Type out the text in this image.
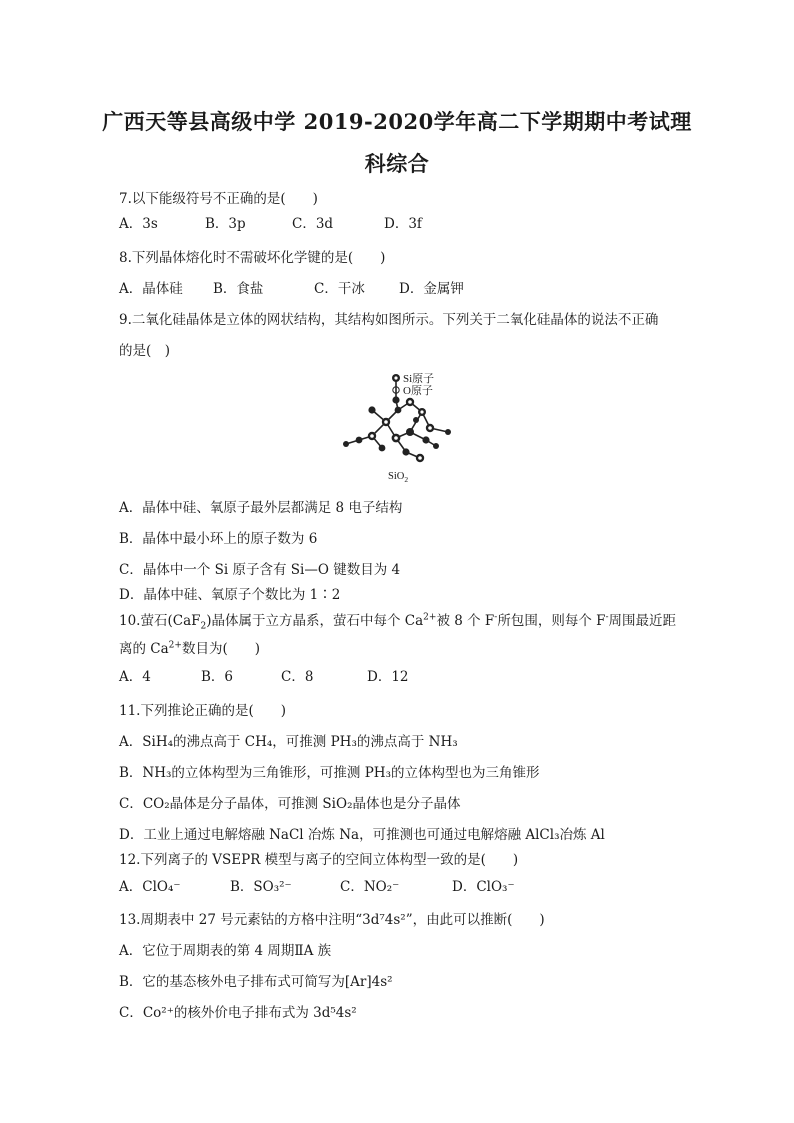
广西天等县高级中学 2019-2020学年高二下学期期中考试理
科综合
7.以下能级符号不正确的是(　　)
A．3s	B．3p	C．3d	D．3f
8.下列晶体熔化时不需破坏化学键的是(　　)
A．晶体硅 B．食盐	C．干冰	D．金属钾
9.二氧化硅晶体是立体的网状结构，其结构如图所示。下列关于二氧化硅晶体的说法不正确
的是(　)
Si原子
O原子
SiO$_2$
A．晶体中硅、氧原子最外层都满足 8 电子结构
B．晶体中最小环上的原子数为 6
C．晶体中一个 Si 原子含有 Si—O 键数目为 4
D．晶体中硅、氧原子个数比为 1∶2
10.萤石(CaF$_2$)晶体属于立方晶系，萤石中每个 $Ca^{2+}$被 8 个 F-所包围，则每个 F-周围最近距
离的 $Ca^{2+}$数目为(　　)
A．4	B．6	C．8	D．12
11.下列推论正确的是(　　)
A．SiH₄的沸点高于 CH₄，可推测 PH₃的沸点高于 NH₃
B．NH₃的立体构型为三角锥形，可推测 PH₃的立体构型也为三角锥形
C．CO₂晶体是分子晶体，可推测 SiO₂晶体也是分子晶体
D．工业上通过电解熔融 NaCl 冶炼 Na，可推测也可通过电解熔融 AlCl₃冶炼 Al
12.下列离子的 VSEPR 模型与离子的空间立体构型一致的是(　　)
A．ClO₄⁻	B．SO₃²⁻	C．NO₂⁻	D．ClO₃⁻
13.周期表中 27 号元素钴的方格中注明“3d⁷4s²”，由此可以推断(　　)
A．它位于周期表的第 4 周期ⅡA 族
B．它的基态核外电子排布式可简写为[Ar]4s²
C．Co²⁺的核外价电子排布式为 3d⁵4s²
